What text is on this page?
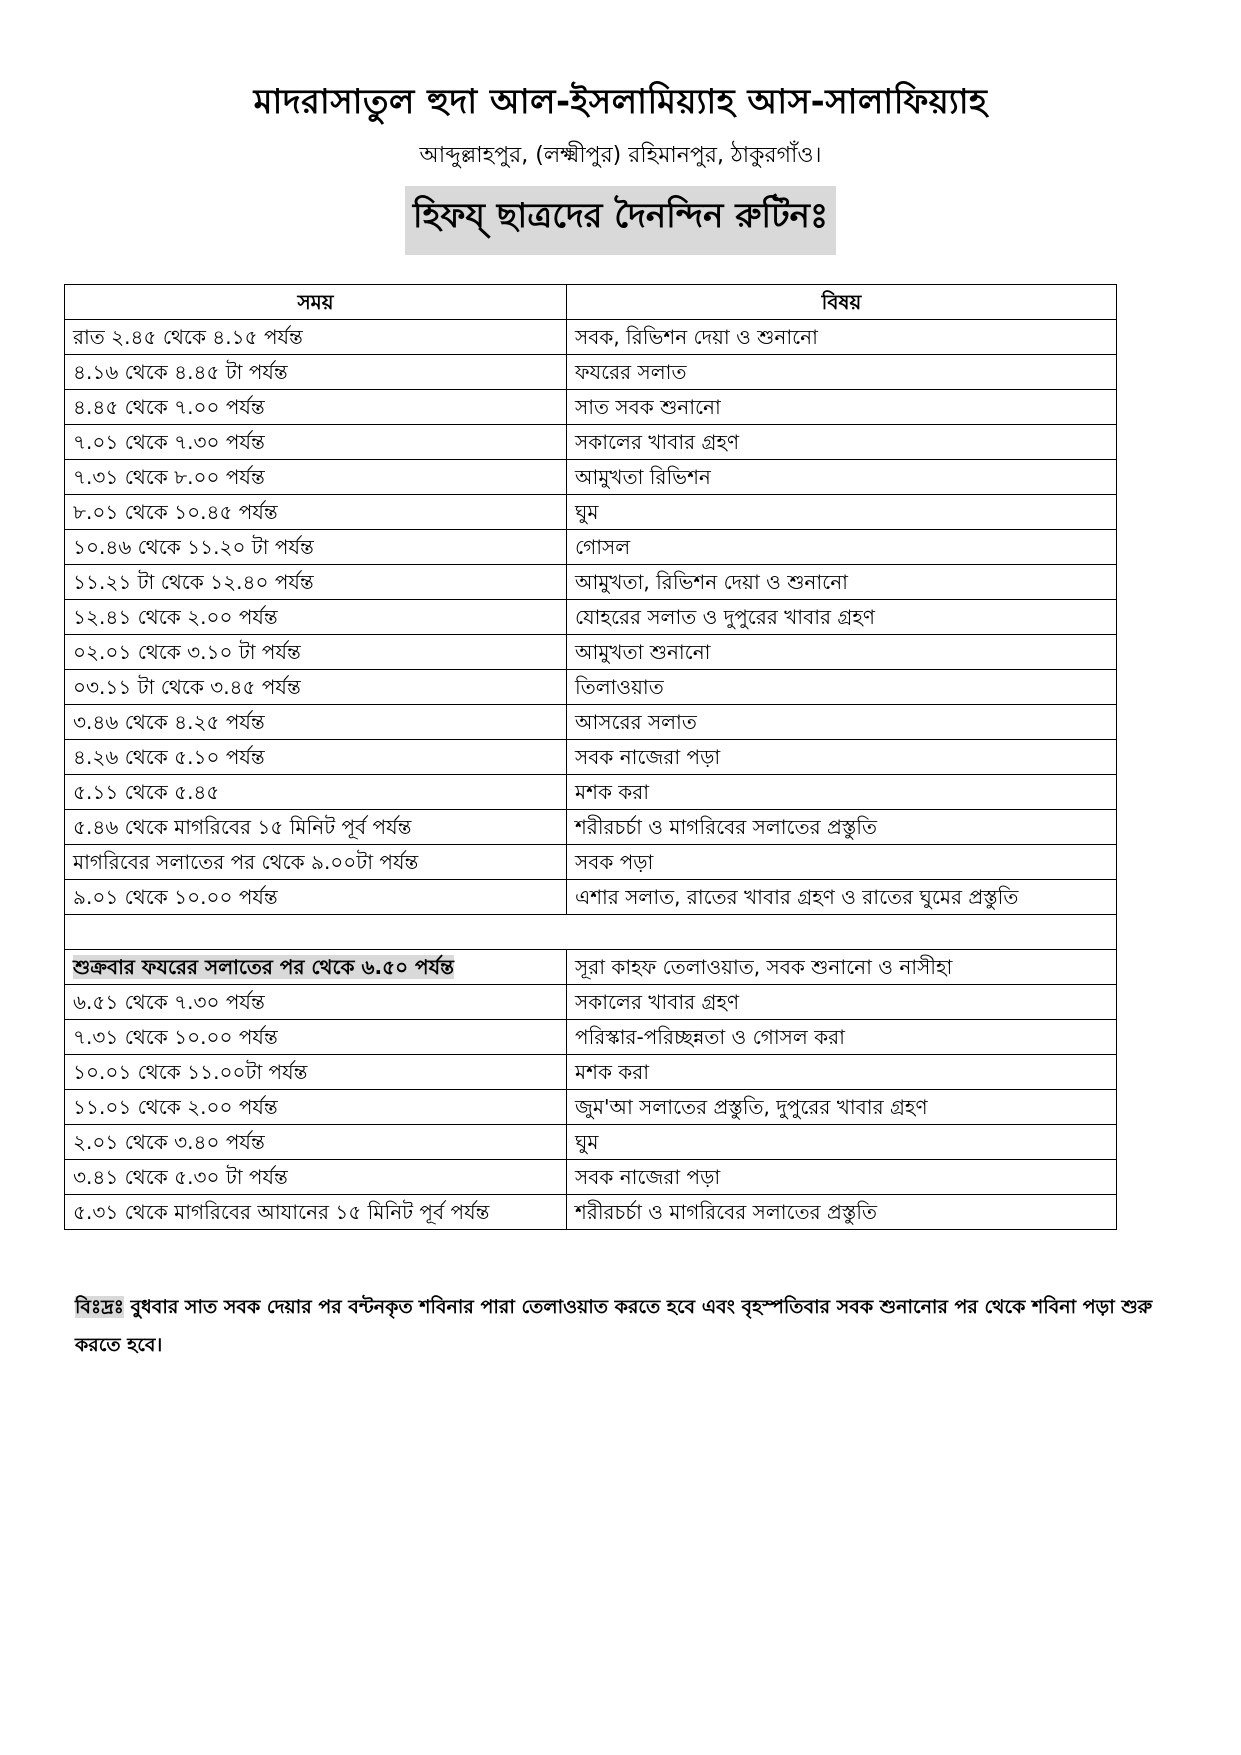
মাদরাসাতুল হুদা আল-ইসলামিয়্যাহ আস-সালাফিয়্যাহ
আব্দুল্লাহপুর, (লক্ষ্মীপুর) রহিমানপুর, ঠাকুরগাঁও।
হিফয্ ছাত্রদের দৈনন্দিন রুটিনঃ
সময়	বিষয়
রাত ২.৪৫ থেকে ৪.১৫ পর্যন্ত	সবক, রিভিশন দেয়া ও শুনানো
৪.১৬ থেকে ৪.৪৫ টা পর্যন্ত	ফযরের সলাত
৪.৪৫ থেকে ৭.০০ পর্যন্ত	সাত সবক শুনানো
৭.০১ থেকে ৭.৩০ পর্যন্ত	সকালের খাবার গ্রহণ
৭.৩১ থেকে ৮.০০ পর্যন্ত	আমুখতা রিভিশন
৮.০১ থেকে ১০.৪৫ পর্যন্ত	ঘুম
১০.৪৬ থেকে ১১.২০ টা পর্যন্ত	গোসল
১১.২১ টা থেকে ১২.৪০ পর্যন্ত	আমুখতা, রিভিশন দেয়া ও শুনানো
১২.৪১ থেকে ২.০০ পর্যন্ত	যোহরের সলাত ও দুপুরের খাবার গ্রহণ
০২.০১ থেকে ৩.১০ টা পর্যন্ত	আমুখতা শুনানো
০৩.১১ টা থেকে ৩.৪৫ পর্যন্ত	তিলাওয়াত
৩.৪৬ থেকে ৪.২৫ পর্যন্ত	আসরের সলাত
৪.২৬ থেকে ৫.১০ পর্যন্ত	সবক নাজেরা পড়া
৫.১১ থেকে ৫.৪৫	মশক করা
৫.৪৬ থেকে মাগরিবের ১৫ মিনিট পূর্ব পর্যন্ত	শরীরচর্চা ও মাগরিবের সলাতের প্রস্তুতি
মাগরিবের সলাতের পর থেকে ৯.০০টা পর্যন্ত	সবক পড়া
৯.০১ থেকে ১০.০০ পর্যন্ত	এশার সলাত, রাতের খাবার গ্রহণ ও রাতের ঘুমের প্রস্তুতি

শুক্রবার ফযরের সলাতের পর থেকে ৬.৫০ পর্যন্ত	সূরা কাহফ তেলাওয়াত, সবক শুনানো ও নাসীহা
৬.৫১ থেকে ৭.৩০ পর্যন্ত	সকালের খাবার গ্রহণ
৭.৩১ থেকে ১০.০০ পর্যন্ত	পরিস্কার-পরিচ্ছন্নতা ও গোসল করা
১০.০১ থেকে ১১.০০টা পর্যন্ত	মশক করা
১১.০১ থেকে ২.০০ পর্যন্ত	জুম'আ সলাতের প্রস্তুতি, দুপুরের খাবার গ্রহণ
২.০১ থেকে ৩.৪০ পর্যন্ত	ঘুম
৩.৪১ থেকে ৫.৩০ টা পর্যন্ত	সবক নাজেরা পড়া
৫.৩১ থেকে মাগরিবের আযানের ১৫ মিনিট পূর্ব পর্যন্ত	শরীরচর্চা ও মাগরিবের সলাতের প্রস্তুতি
বিঃদ্রঃ বুধবার সাত সবক দেয়ার পর বন্টনকৃত শবিনার পারা তেলাওয়াত করতে হবে এবং বৃহস্পতিবার সবক শুনানোর পর থেকে শবিনা পড়া শুরু করতে হবে।
